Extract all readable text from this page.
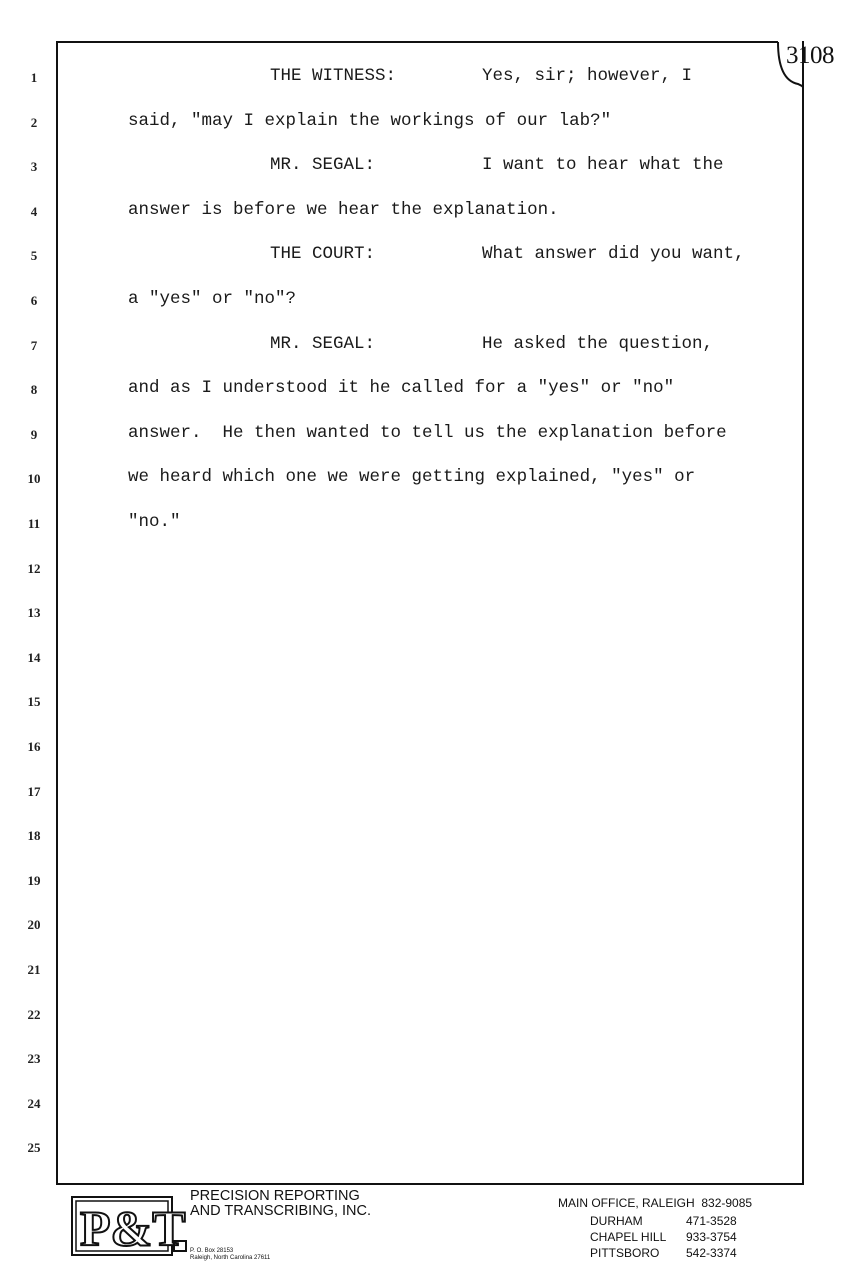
3108
1
2
3
4
5
6
7
8
9
10
11
12
13
14
15
16
17
18
19
20
21
22
23
24
25
THE WITNESS:	Yes, sir; however, I
said, "may I explain the workings of our lab?"
MR. SEGAL:	I want to hear what the
answer is before we hear the explanation.
THE COURT:	What answer did you want,
a "yes" or "no"?
MR. SEGAL:	He asked the question,
and as I understood it he called for a "yes" or "no"
answer.  He then wanted to tell us the explanation before
we heard which one we were getting explained, "yes" or
"no."
P&T
PRECISION REPORTING
AND TRANSCRIBING, INC.
P. O. Box 28153
Raleigh, North Carolina 27611
MAIN OFFICE, RALEIGH  832-9085
DURHAM	471-3528
CHAPEL HILL 933-3754
PITTSBORO 542-3374
